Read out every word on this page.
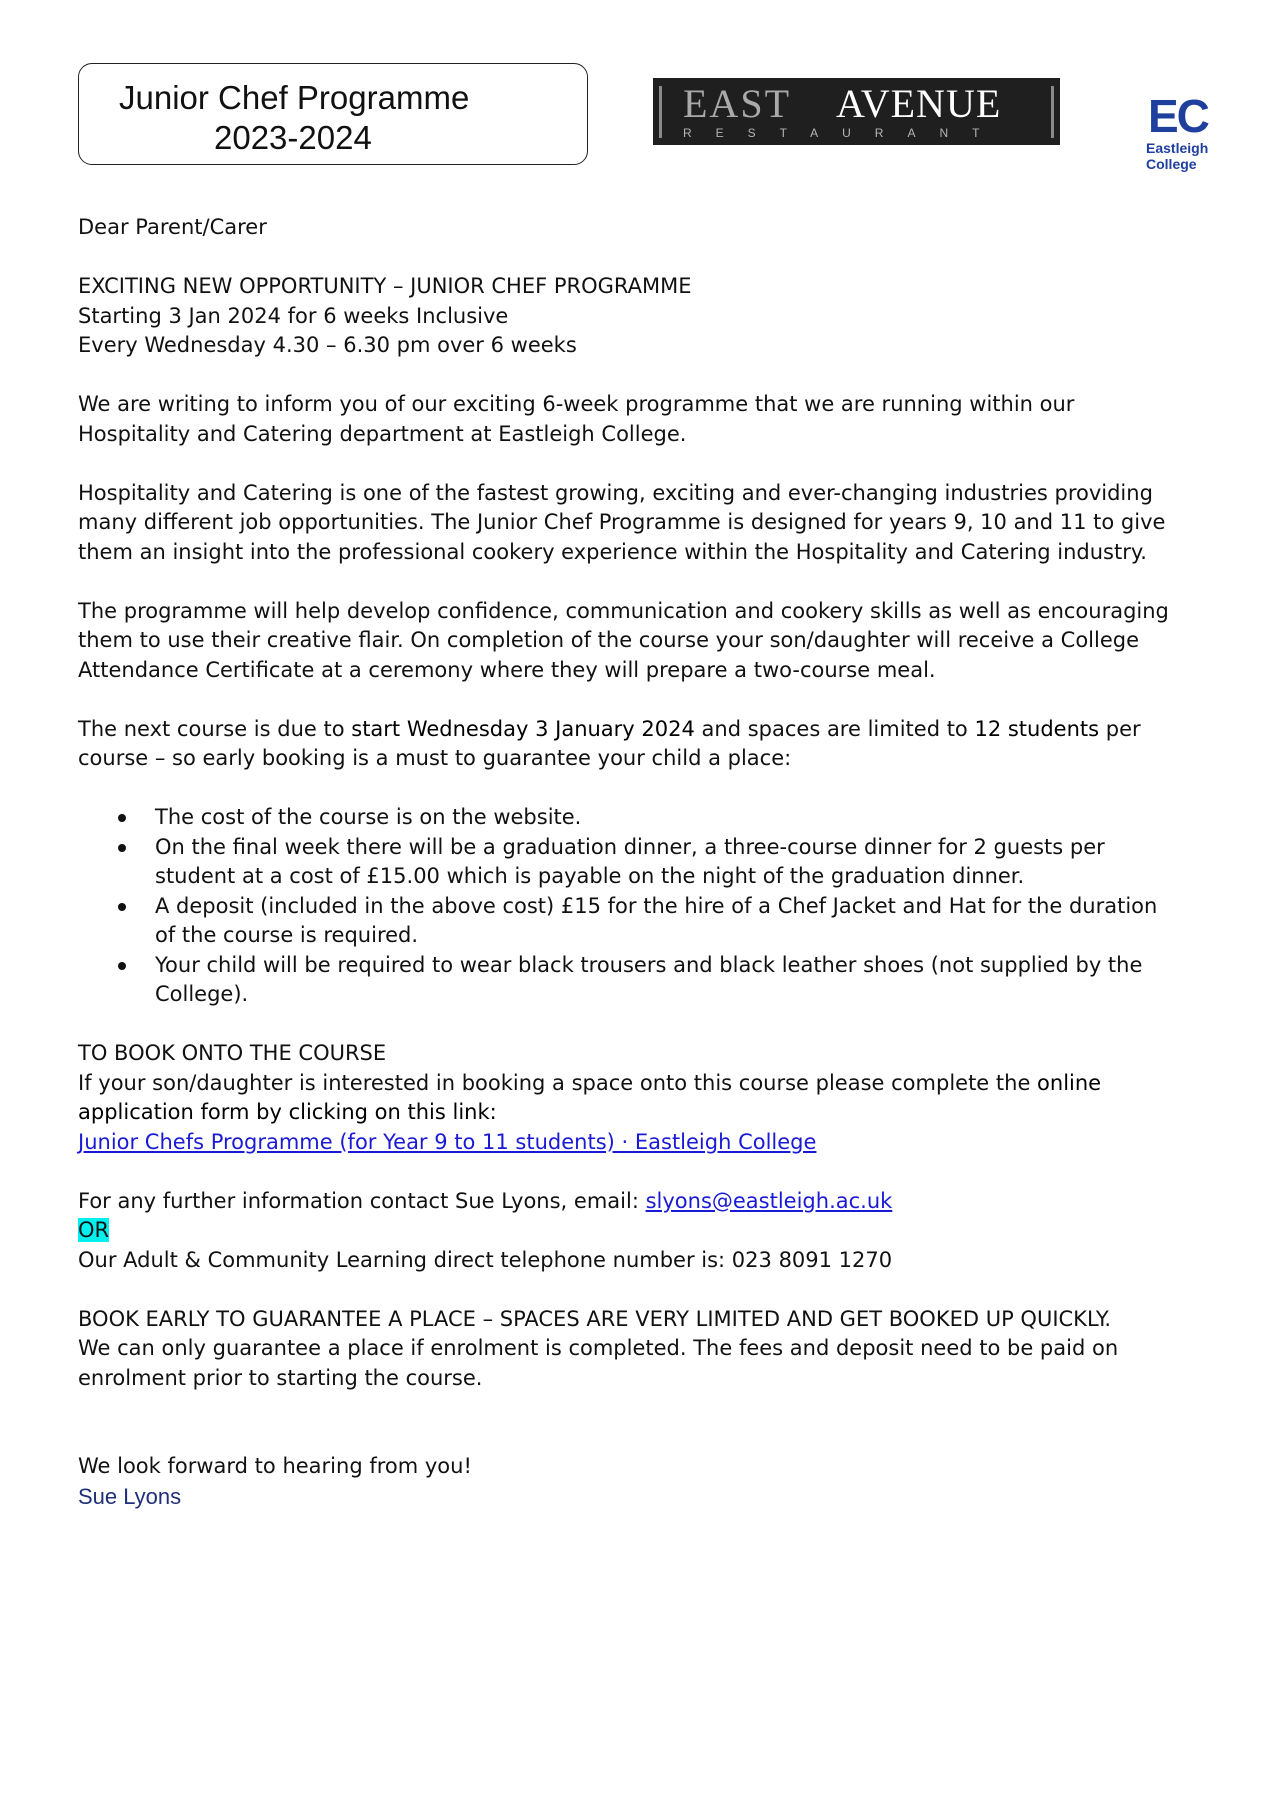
Junior Chef Programme
2023-2024
EAST AVENUE
RESTAURANT	EC
Eastleigh
College

Dear Parent/Carer

EXCITING NEW OPPORTUNITY – JUNIOR CHEF PROGRAMME
Starting 3 Jan 2024 for 6 weeks Inclusive
Every Wednesday 4.30 – 6.30 pm over 6 weeks

We are writing to inform you of our exciting 6-week programme that we are running within our
Hospitality and Catering department at Eastleigh College.

Hospitality and Catering is one of the fastest growing, exciting and ever-changing industries providing
many different job opportunities. The Junior Chef Programme is designed for years 9, 10 and 11 to give
them an insight into the professional cookery experience within the Hospitality and Catering industry.

The programme will help develop confidence, communication and cookery skills as well as encouraging
them to use their creative flair. On completion of the course your son/daughter will receive a College
Attendance Certificate at a ceremony where they will prepare a two-course meal.

The next course is due to start Wednesday 3 January 2024 and spaces are limited to 12 students per
course – so early booking is a must to guarantee your child a place:

The cost of the course is on the website.
On the final week there will be a graduation dinner, a three-course dinner for 2 guests per
student at a cost of £15.00 which is payable on the night of the graduation dinner.
A deposit (included in the above cost) £15 for the hire of a Chef Jacket and Hat for the duration
of the course is required.
Your child will be required to wear black trousers and black leather shoes (not supplied by the
College).

TO BOOK ONTO THE COURSE
If your son/daughter is interested in booking a space onto this course please complete the online
application form by clicking on this link:
Junior Chefs Programme (for Year 9 to 11 students) · Eastleigh College

For any further information contact Sue Lyons, email: slyons@eastleigh.ac.uk
OR
Our Adult & Community Learning direct telephone number is: 023 8091 1270

BOOK EARLY TO GUARANTEE A PLACE – SPACES ARE VERY LIMITED AND GET BOOKED UP QUICKLY.
We can only guarantee a place if enrolment is completed. The fees and deposit need to be paid on
enrolment prior to starting the course.

We look forward to hearing from you!
Sue Lyons
